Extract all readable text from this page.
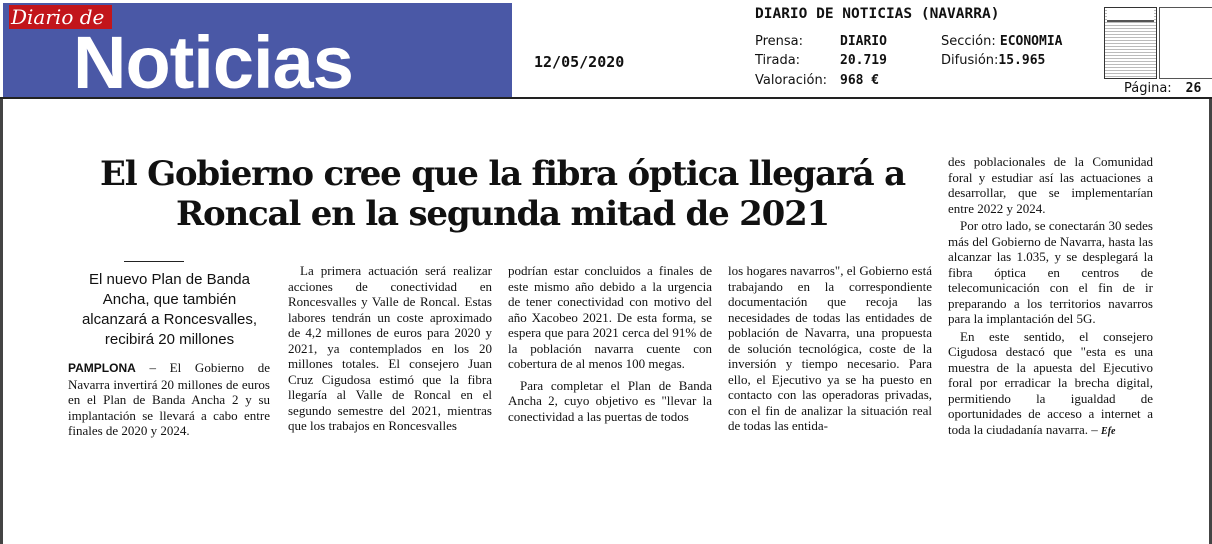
Diario de
Noticias	12/05/2020
DIARIO DE NOTICIAS (NAVARRA)
Prensa:	DIARIO
Tirada:	20.719
Valoración: 968 €
Sección: ECONOMIA
Difusión:15.965
Página: 26
El Gobierno cree que la fibra óptica llegará a Roncal en la segunda mitad de 2021
El nuevo Plan de Banda Ancha, que también alcanzará a Roncesvalles, recibirá 20 millones
PAMPLONA – El Gobierno de Navarra invertirá 20 millones de euros en el Plan de Banda Ancha 2 y su implantación se llevará a cabo entre finales de 2020 y 2024.
La primera actuación será realizar acciones de conectividad en Roncesvalles y Valle de Roncal. Estas labores tendrán un coste aproximado de 4,2 millones de euros para 2020 y 2021, ya contemplados en los 20 millones totales. El consejero Juan Cruz Cigudosa estimó que la fibra llegaría al Valle de Roncal en el segundo semestre del 2021, mientras que los trabajos en Roncesvalles
podrían estar concluidos a finales de este mismo año debido a la urgencia de tener conectividad con motivo del año Xacobeo 2021. De esta forma, se espera que para 2021 cerca del 91% de la población navarra cuente con cobertura de al menos 100 megas.
Para completar el Plan de Banda Ancha 2, cuyo objetivo es "llevar la conectividad a las puertas de todos
los hogares navarros", el Gobierno está trabajando en la correspondiente documentación que recoja las necesidades de todas las entidades de población de Navarra, una propuesta de solución tecnológica, coste de la inversión y tiempo necesario. Para ello, el Ejecutivo ya se ha puesto en contacto con las operadoras privadas, con el fin de analizar la situación real de todas las entida-
des poblacionales de la Comunidad foral y estudiar así las actuaciones a desarrollar, que se implementarían entre 2022 y 2024.
Por otro lado, se conectarán 30 sedes más del Gobierno de Navarra, hasta las alcanzar las 1.035, y se desplegará la fibra óptica en centros de telecomunicación con el fin de ir preparando a los territorios navarros para la implantación del 5G.
En este sentido, el consejero Cigudosa destacó que "esta es una muestra de la apuesta del Ejecutivo foral por erradicar la brecha digital, permitiendo la igualdad de oportunidades de acceso a internet a toda la ciudadanía navarra. – Efe
